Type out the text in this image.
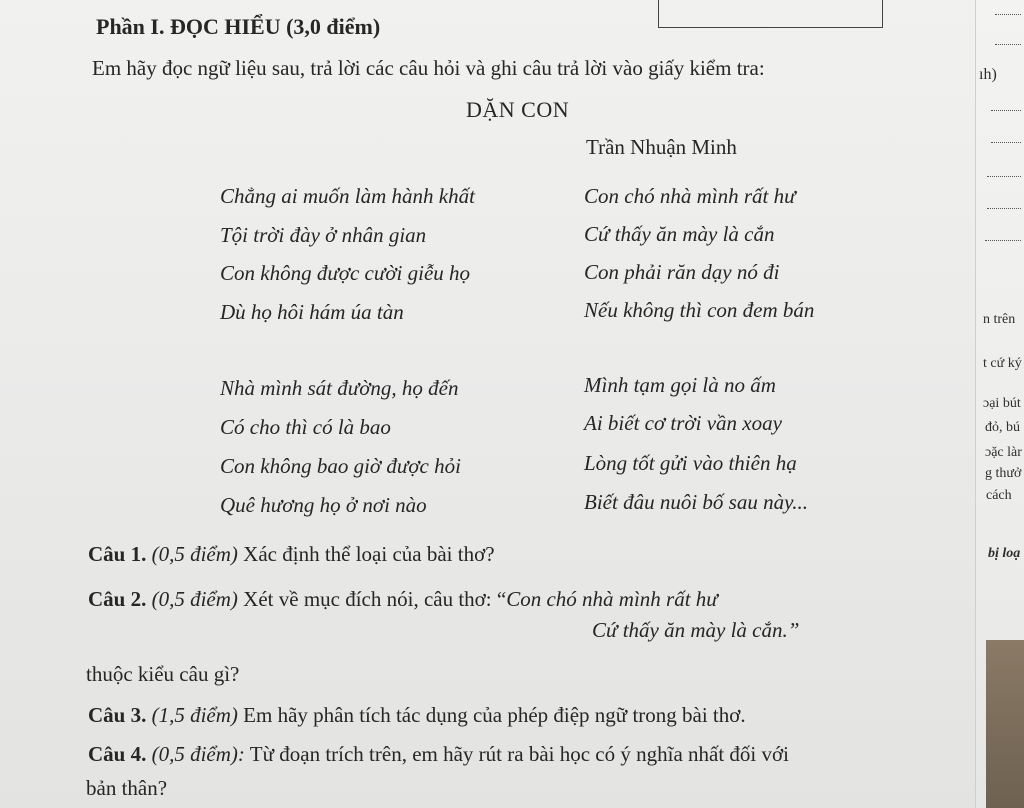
Phần I. ĐỌC HIỂU (3,0 điểm)
Em hãy đọc ngữ liệu sau, trả lời các câu hỏi và ghi câu trả lời vào giấy kiểm tra:
DẶN CON
Trần Nhuận Minh
Chẳng ai muốn làm hành khất
Tội trời đày ở nhân gian
Con không được cười giễu họ
Dù họ hôi hám úa tàn
Nhà mình sát đường, họ đến
Có cho thì có là bao
Con không bao giờ được hỏi
Quê hương họ ở nơi nào
Con chó nhà mình rất hư
Cứ thấy ăn mày là cắn
Con phải răn dạy nó đi
Nếu không thì con đem bán
Mình tạm gọi là no ấm
Ai biết cơ trời vần xoay
Lòng tốt gửi vào thiên hạ
Biết đâu nuôi bố sau này...
Câu 1. (0,5 điểm) Xác định thể loại của bài thơ?
Câu 2. (0,5 điểm) Xét về mục đích nói, câu thơ: “Con chó nhà mình rất hư
Cứ thấy ăn mày là cắn.”
thuộc kiểu câu gì?
Câu 3. (1,5 điểm) Em hãy phân tích tác dụng của phép điệp ngữ trong bài thơ.
Câu 4. (0,5 điểm): Từ đoạn trích trên, em hãy rút ra bài học có ý nghĩa nhất đối với
bản thân?
ıh)
n trên
t cứ ký
ɔại bút
đỏ, bú
ɔặc làr
g thưở
cách
bị loạ
